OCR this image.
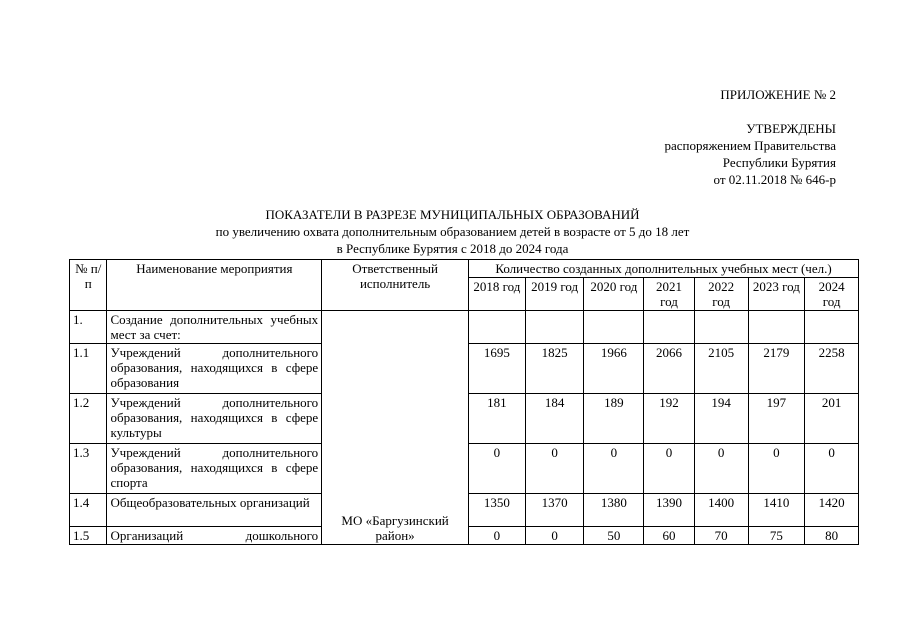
ПРИЛОЖЕНИЕ № 2
УТВЕРЖДЕНЫ
распоряжением Правительства
Республики Бурятия
от 02.11.2018 № 646-р
ПОКАЗАТЕЛИ В РАЗРЕЗЕ МУНИЦИПАЛЬНЫХ ОБРАЗОВАНИЙ
по увеличению охвата дополнительным образованием детей в возрасте от 5 до 18 лет
в Республике Бурятия с 2018 до 2024 года
№ п/п	Наименование мероприятия	Ответственный исполнитель	Количество созданных дополнительных учебных мест (чел.)						
			2018 год	2019 год	2020 год	2021 год	2022 год	2023 год	2024 год
1.	Создание дополнительных учебных мест за счет:	МО «Баргузинский район»							
1.1	Учреждений дополнительного образования, находящихся в сфере образования		1695	1825	1966	2066	2105	2179	2258
1.2	Учреждений дополнительного образования, находящихся в сфере культуры		181	184	189	192	194	197	201
1.3	Учреждений дополнительного образования, находящихся в сфере спорта		0	0	0	0	0	0	0
1.4	Общеобразовательных организаций		1350	1370	1380	1390	1400	1410	1420
1.5	Организаций дошкольного		0	0	50	60	70	75	80
